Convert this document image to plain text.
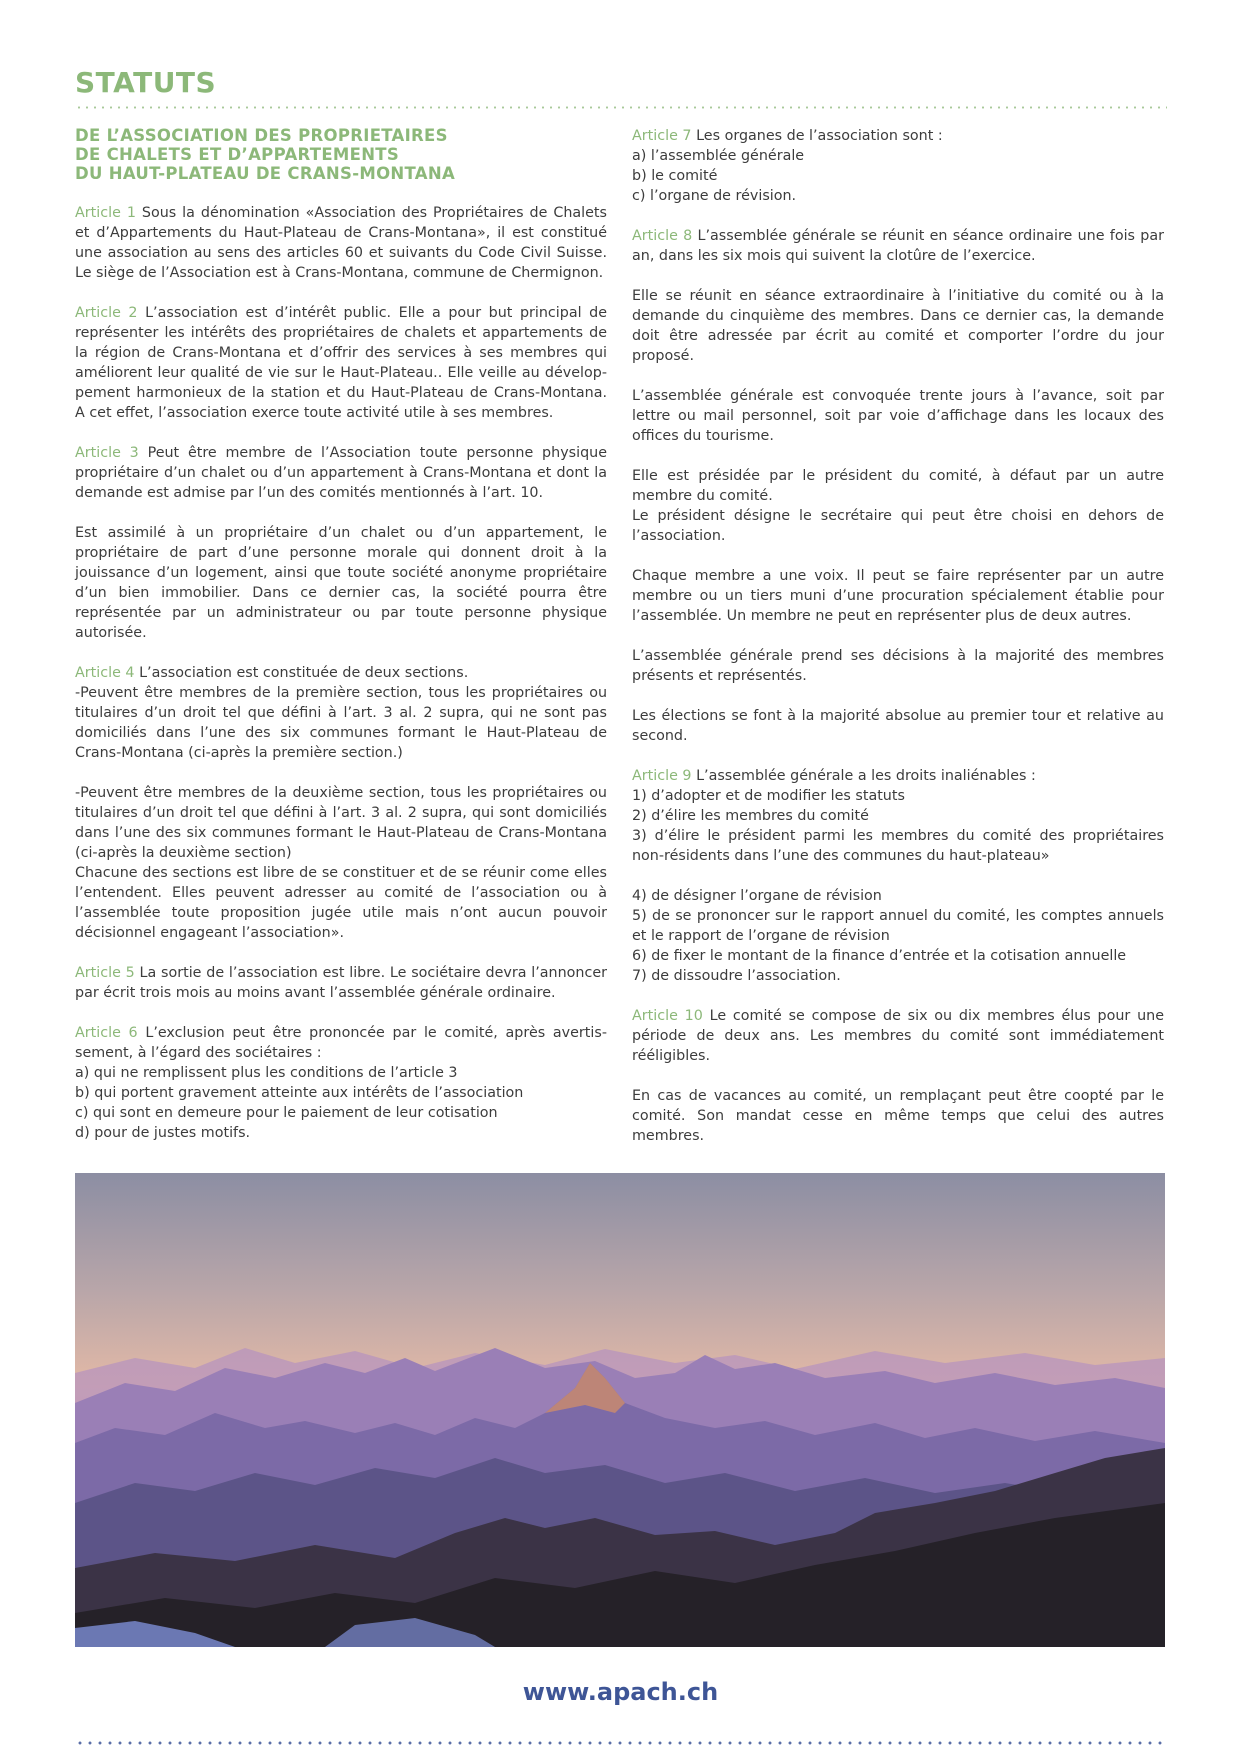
STATUTS
DE L’ASSOCIATION DES PROPRIETAIRES
DE CHALETS ET D’APPARTEMENTS
DU HAUT-PLATEAU DE CRANS-MONTANA

Article 1 Sous la dénomination «Association des Propriétaires de Chalets et d’Appartements du Haut-Plateau de Crans-Montana», il est constitué une association au sens des articles 60 et suivants du Code Civil Suisse. Le siège de l’Association est à Crans-Montana, commune de Chermignon.

Article 2 L’association est d’intérêt public. Elle a pour but principal de représenter les intérêts des propriétaires de chalets et appartements de la région de Crans-Montana et d’offrir des services à ses membres qui améliorent leur qualité de vie sur le Haut-Plateau.. Elle veille au développement harmonieux de la station et du Haut-Plateau de Crans-Montana. A cet effet, l’association exerce toute activité utile à ses membres.

Article 3 Peut être membre de l’Association toute personne physique propriétaire d’un chalet ou d’un appartement à Crans-Montana et dont la demande est admise par l’un des comités mentionnés à l’art. 10.

Est assimilé à un propriétaire d’un chalet ou d’un appartement, le propriétaire de part d’une personne morale qui donnent droit à la jouissance d’un logement, ainsi que toute société anonyme propriétaire d’un bien immobilier. Dans ce dernier cas, la société pourra être représentée par un administrateur ou par toute personne physique autorisée.

Article 4 L’association est constituée de deux sections.
-Peuvent être membres de la première section, tous les propriétaires ou titulaires d’un droit tel que défini à l’art. 3 al. 2 supra, qui ne sont pas domiciliés dans l’une des six communes formant le Haut-Plateau de Crans-Montana (ci-après la première section.)

-Peuvent être membres de la deuxième section, tous les propriétaires ou titulaires d’un droit tel que défini à l’art. 3 al. 2 supra, qui sont domiciliés dans l’une des six communes formant le Haut-Plateau de Crans-Montana (ci-après la deuxième section)
Chacune des sections est libre de se constituer et de se réunir come elles l’entendent. Elles peuvent adresser au comité de l’association ou à l’assemblée toute proposition jugée utile mais n’ont aucun pouvoir décisionnel engageant l’association».

Article 5 La sortie de l’association est libre. Le sociétaire devra l’annoncer par écrit trois mois au moins avant l’assemblée générale ordinaire.

Article 6 L’exclusion peut être prononcée par le comité, après avertissement, à l’égard des sociétaires :
a) qui ne remplissent plus les conditions de l’article 3
b) qui portent gravement atteinte aux intérêts de l’association
c) qui sont en demeure pour le paiement de leur cotisation
d) pour de justes motifs.

Article 7 Les organes de l’association sont :
a) l’assemblée générale
b) le comité
c) l’organe de révision.

Article 8 L’assemblée générale se réunit en séance ordinaire une fois par an, dans les six mois qui suivent la clotûre de l’exercice.

Elle se réunit en séance extraordinaire à l’initiative du comité ou à la demande du cinquième des membres. Dans ce dernier cas, la demande doit être adressée par écrit au comité et comporter l’ordre du jour proposé.

L’assemblée générale est convoquée trente jours à l’avance, soit par lettre ou mail personnel, soit par voie d’affichage dans les locaux des offices du tourisme.

Elle est présidée par le président du comité, à défaut par un autre membre du comité.
Le président désigne le secrétaire qui peut être choisi en dehors de l’association.

Chaque membre a une voix. Il peut se faire représenter par un autre membre ou un tiers muni d’une procuration spécialement établie pour l’assemblée. Un membre ne peut en représenter plus de deux autres.

L’assemblée générale prend ses décisions à la majorité des membres présents et représentés.

Les élections se font à la majorité absolue au premier tour et relative au second.

Article 9 L’assemblée générale a les droits inaliénables :
1) d’adopter et de modifier les statuts
2) d’élire les membres du comité
3) d’élire le président parmi les membres du comité des propriétaires non-résidents dans l’une des communes du haut-plateau»

4) de désigner l’organe de révision
5) de se prononcer sur le rapport annuel du comité, les comptes annuels et le rapport de l’organe de révision
6) de fixer le montant de la finance d’entrée et la cotisation annuelle
7) de dissoudre l’association.

Article 10 Le comité se compose de six ou dix membres élus pour une période de deux ans. Les membres du comité sont immédiatement rééligibles.

En cas de vacances au comité, un remplaçant peut être coopté par le comité. Son mandat cesse en même temps que celui des autres membres.

www.apach.ch
